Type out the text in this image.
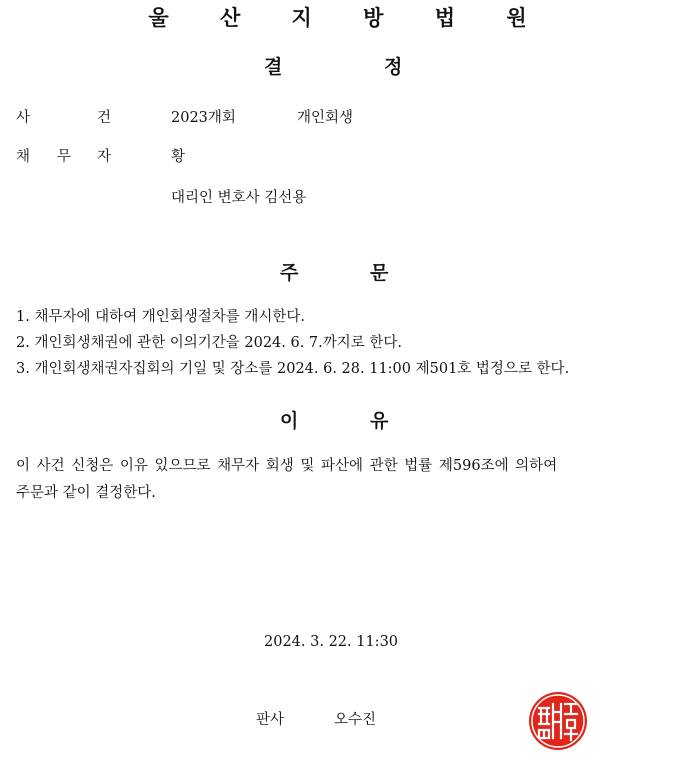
울 산 지 방 법 원
결	정
사	건	2023개회	개인회생
채 무 자	황
대리인 변호사 김선용
주	문
1. 채무자에 대하여 개인회생절차를 개시한다.
2. 개인회생채권에 관한 이의기간을 2024. 6. 7.까지로 한다.
3. 개인회생채권자집회의 기일 및 장소를 2024. 6. 28. 11:00 제501호 법정으로 한다.
이	유
이 사건 신청은 이유 있으므로 채무자 회생 및 파산에 관한 법률 제596조에 의하여
주문과 같이 결정한다.
2024. 3. 22. 11:30
판사	오수진
